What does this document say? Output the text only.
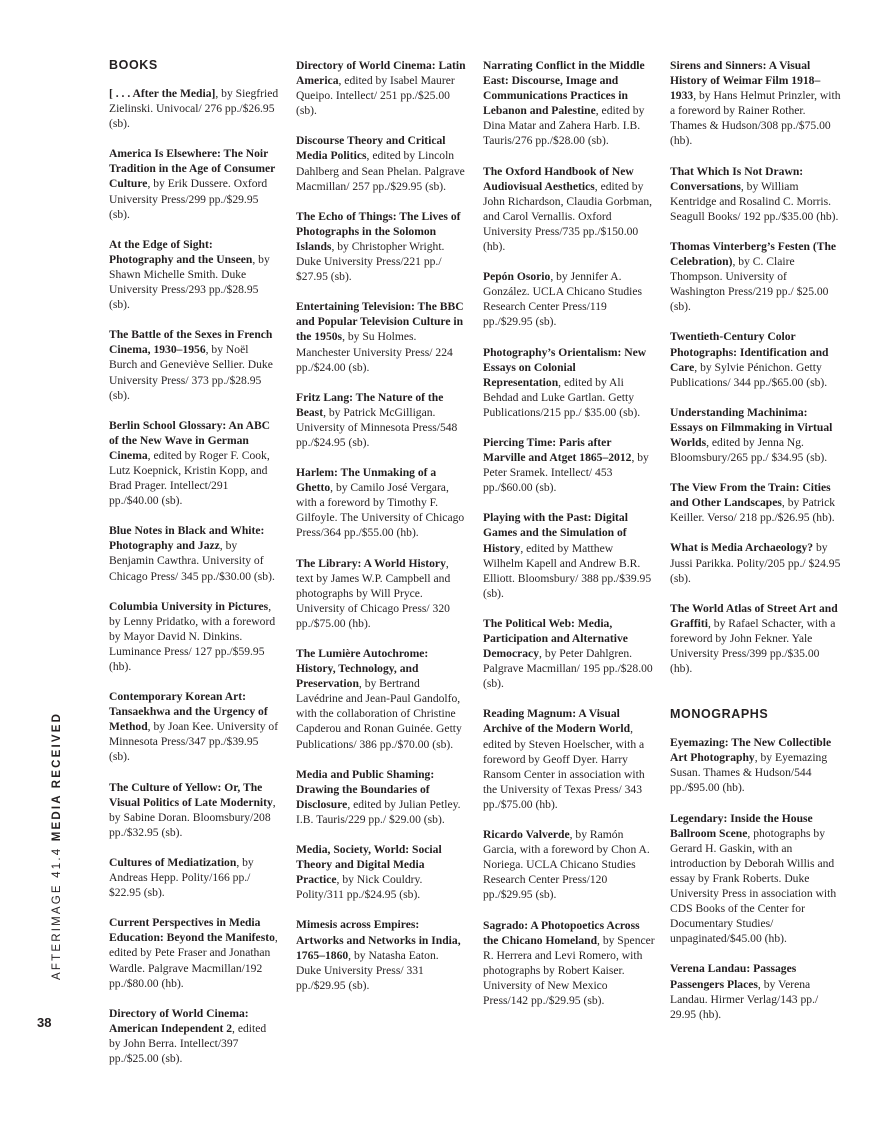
AFTERIMAGE 41.4 MEDIA RECEIVED
38
BOOKS

[ . . . After the Media], by Siegfried Zielinski. Univocal/ 276 pp./$26.95 (sb).

America Is Elsewhere: The Noir Tradition in the Age of Consumer Culture, by Erik Dussere. Oxford University Press/299 pp./$29.95 (sb).

At the Edge of Sight: Photography and the Unseen, by Shawn Michelle Smith. Duke University Press/293 pp./$28.95 (sb).

The Battle of the Sexes in French Cinema, 1930–1956, by Noël Burch and Geneviève Sellier. Duke University Press/ 373 pp./$28.95 (sb).

Berlin School Glossary: An ABC of the New Wave in German Cinema, edited by Roger F. Cook, Lutz Koepnick, Kristin Kopp, and Brad Prager. Intellect/291 pp./$40.00 (sb).

Blue Notes in Black and White: Photography and Jazz, by Benjamin Cawthra. University of Chicago Press/ 345 pp./$30.00 (sb).

Columbia University in Pictures, by Lenny Pridatko, with a foreword by Mayor David N. Dinkins. Luminance Press/ 127 pp./$59.95 (hb).

Contemporary Korean Art: Tansaekhwa and the Urgency of Method, by Joan Kee. University of Minnesota Press/347 pp./$39.95 (sb).

The Culture of Yellow: Or, The Visual Politics of Late Modernity, by Sabine Doran. Bloomsbury/208 pp./$32.95 (sb).

Cultures of Mediatization, by Andreas Hepp. Polity/166 pp./ $22.95 (sb).

Current Perspectives in Media Education: Beyond the Manifesto, edited by Pete Fraser and Jonathan Wardle. Palgrave Macmillan/192 pp./$80.00 (hb).

Directory of World Cinema: American Independent 2, edited by John Berra. Intellect/397 pp./$25.00 (sb).

Directory of World Cinema: Latin America, edited by Isabel Maurer Queipo. Intellect/ 251 pp./$25.00 (sb).

Discourse Theory and Critical Media Politics, edited by Lincoln Dahlberg and Sean Phelan. Palgrave Macmillan/ 257 pp./$29.95 (sb).

The Echo of Things: The Lives of Photographs in the Solomon Islands, by Christopher Wright. Duke University Press/221 pp./ $27.95 (sb).

Entertaining Television: The BBC and Popular Television Culture in the 1950s, by Su Holmes. Manchester University Press/ 224 pp./$24.00 (sb).

Fritz Lang: The Nature of the Beast, by Patrick McGilligan. University of Minnesota Press/548 pp./$24.95 (sb).

Harlem: The Unmaking of a Ghetto, by Camilo José Vergara, with a foreword by Timothy F. Gilfoyle. The University of Chicago Press/364 pp./$55.00 (hb).

The Library: A World History, text by James W.P. Campbell and photographs by Will Pryce. University of Chicago Press/ 320 pp./$75.00 (hb).

The Lumière Autochrome: History, Technology, and Preservation, by Bertrand Lavédrine and Jean-Paul Gandolfo, with the collaboration of Christine Capderou and Ronan Guinée. Getty Publications/ 386 pp./$70.00 (sb).

Media and Public Shaming: Drawing the Boundaries of Disclosure, edited by Julian Petley. I.B. Tauris/229 pp./ $29.00 (sb).

Media, Society, World: Social Theory and Digital Media Practice, by Nick Couldry. Polity/311 pp./$24.95 (sb).

Mimesis across Empires: Artworks and Networks in India, 1765–1860, by Natasha Eaton. Duke University Press/ 331 pp./$29.95 (sb).

Narrating Conflict in the Middle East: Discourse, Image and Communications Practices in Lebanon and Palestine, edited by Dina Matar and Zahera Harb. I.B. Tauris/276 pp./$28.00 (sb).

The Oxford Handbook of New Audiovisual Aesthetics, edited by John Richardson, Claudia Gorbman, and Carol Vernallis. Oxford University Press/735 pp./$150.00 (hb).

Pepón Osorio, by Jennifer A. González. UCLA Chicano Studies Research Center Press/119 pp./$29.95 (sb).

Photography’s Orientalism: New Essays on Colonial Representation, edited by Ali Behdad and Luke Gartlan. Getty Publications/215 pp./ $35.00 (sb).

Piercing Time: Paris after Marville and Atget 1865–2012, by Peter Sramek. Intellect/ 453 pp./$60.00 (sb).

Playing with the Past: Digital Games and the Simulation of History, edited by Matthew Wilhelm Kapell and Andrew B.R. Elliott. Bloomsbury/ 388 pp./$39.95 (sb).

The Political Web: Media, Participation and Alternative Democracy, by Peter Dahlgren. Palgrave Macmillan/ 195 pp./$28.00 (sb).

Reading Magnum: A Visual Archive of the Modern World, edited by Steven Hoelscher, with a foreword by Geoff Dyer. Harry Ransom Center in association with the University of Texas Press/ 343 pp./$75.00 (hb).

Ricardo Valverde, by Ramón Garcia, with a foreword by Chon A. Noriega. UCLA Chicano Studies Research Center Press/120 pp./$29.95 (sb).

Sagrado: A Photopoetics Across the Chicano Homeland, by Spencer R. Herrera and Levi Romero, with photographs by Robert Kaiser. University of New Mexico Press/142 pp./$29.95 (sb).

Sirens and Sinners: A Visual History of Weimar Film 1918–1933, by Hans Helmut Prinzler, with a foreword by Rainer Rother. Thames & Hudson/308 pp./$75.00 (hb).

That Which Is Not Drawn: Conversations, by William Kentridge and Rosalind C. Morris. Seagull Books/ 192 pp./$35.00 (hb).

Thomas Vinterberg’s Festen (The Celebration), by C. Claire Thompson. University of Washington Press/219 pp./ $25.00 (sb).

Twentieth-Century Color Photographs: Identification and Care, by Sylvie Pénichon. Getty Publications/ 344 pp./$65.00 (sb).

Understanding Machinima: Essays on Filmmaking in Virtual Worlds, edited by Jenna Ng. Bloomsbury/265 pp./ $34.95 (sb).

The View From the Train: Cities and Other Landscapes, by Patrick Keiller. Verso/ 218 pp./$26.95 (hb).

What is Media Archaeology? by Jussi Parikka. Polity/205 pp./ $24.95 (sb).

The World Atlas of Street Art and Graffiti, by Rafael Schacter, with a foreword by John Fekner. Yale University Press/399 pp./$35.00 (hb).

MONOGRAPHS

Eyemazing: The New Collectible Art Photography, by Eyemazing Susan. Thames & Hudson/544 pp./$95.00 (hb).

Legendary: Inside the House Ballroom Scene, photographs by Gerard H. Gaskin, with an introduction by Deborah Willis and essay by Frank Roberts. Duke University Press in association with CDS Books of the Center for Documentary Studies/ unpaginated/$45.00 (hb).

Verena Landau: Passages Passengers Places, by Verena Landau. Hirmer Verlag/143 pp./ 29.95 (hb).
